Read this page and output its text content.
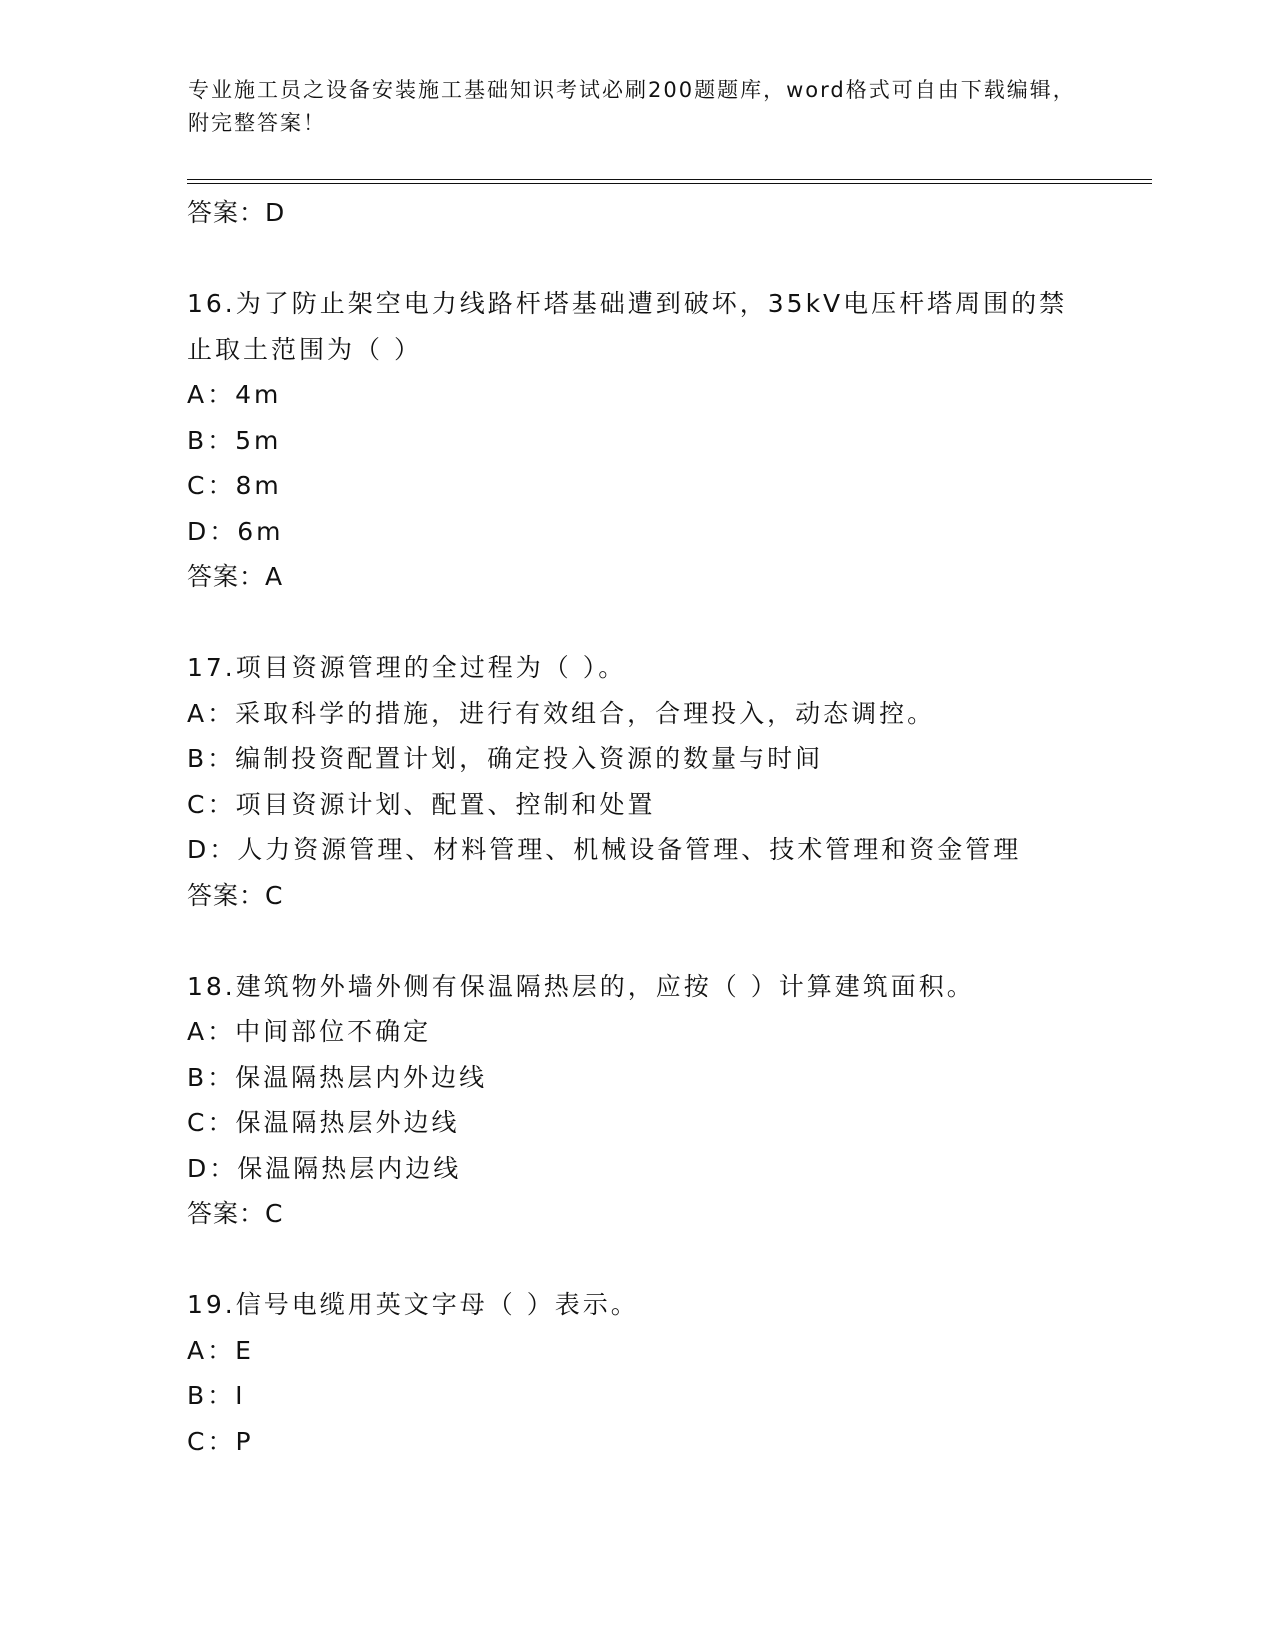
专业施工员之设备安装施工基础知识考试必刷200题题库，word格式可自由下载编辑，附完整答案！
答案：D
16.为了防止架空电力线路杆塔基础遭到破坏，35kV电压杆塔周围的禁止取土范围为（ ）
A：4m
B：5m
C：8m
D：6m
答案：A
17.项目资源管理的全过程为（ ）。
A：采取科学的措施，进行有效组合，合理投入，动态调控。
B：编制投资配置计划，确定投入资源的数量与时间
C：项目资源计划、配置、控制和处置
D：人力资源管理、材料管理、机械设备管理、技术管理和资金管理
答案：C
18.建筑物外墙外侧有保温隔热层的，应按（ ）计算建筑面积。
A：中间部位不确定
B：保温隔热层内外边线
C：保温隔热层外边线
D：保温隔热层内边线
答案：C
19.信号电缆用英文字母（ ）表示。
A：E
B：I
C：P
